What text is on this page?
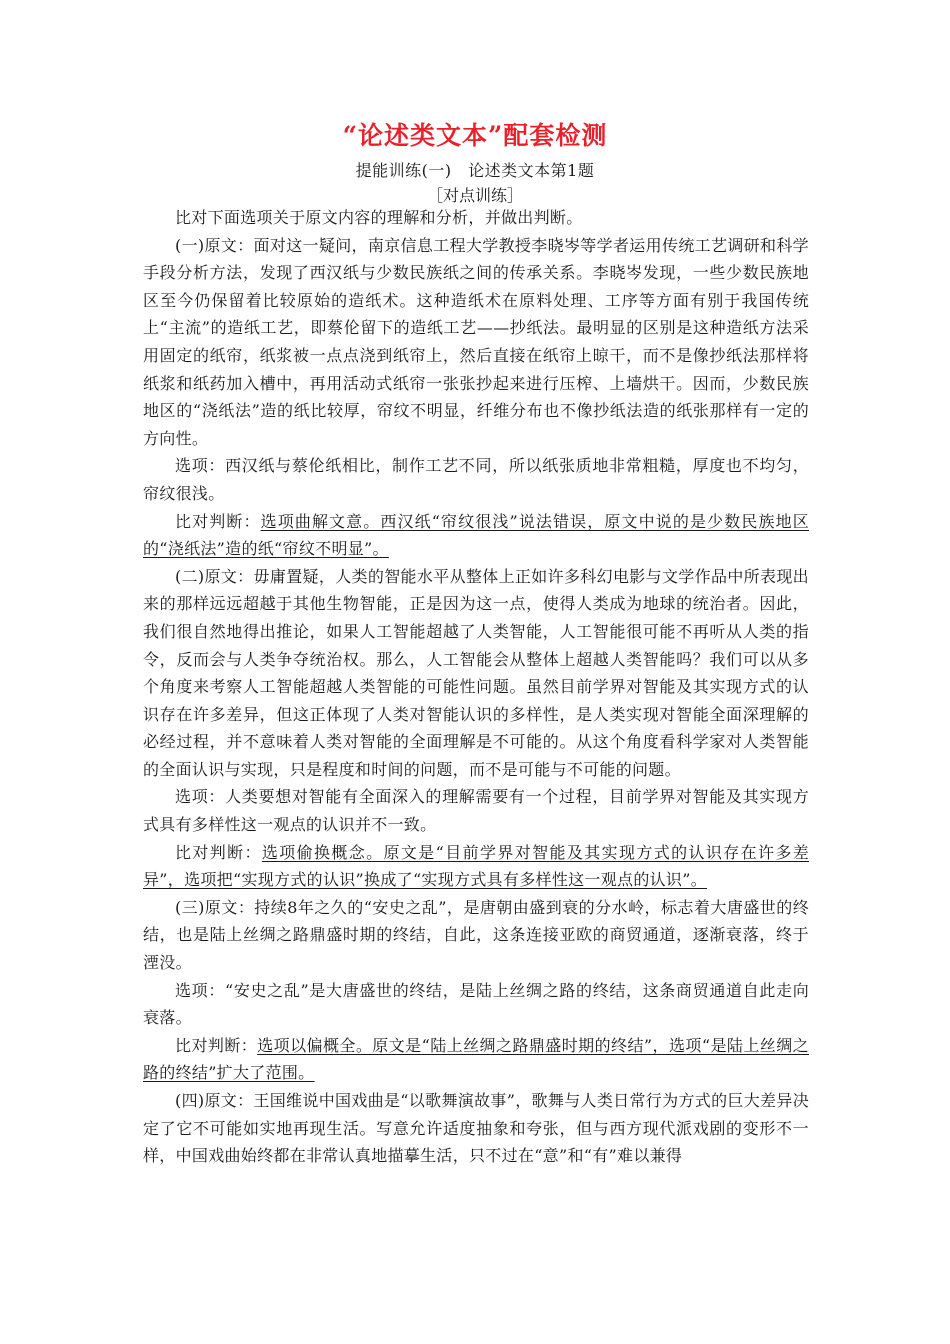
“论述类文本”配套检测
提能训练(一)　论述类文本第1题
［对点训练］

比对下面选项关于原文内容的理解和分析，并做出判断。

(一)原文：面对这一疑问，南京信息工程大学教授李晓岑等学者运用传统工艺调研和科学手段分析方法，发现了西汉纸与少数民族纸之间的传承关系。李晓岑发现，一些少数民族地区至今仍保留着比较原始的造纸术。这种造纸术在原料处理、工序等方面有别于我国传统上“主流”的造纸工艺，即蔡伦留下的造纸工艺——抄纸法。最明显的区别是这种造纸方法采用固定的纸帘，纸浆被一点点浇到纸帘上，然后直接在纸帘上晾干，而不是像抄纸法那样将纸浆和纸药加入槽中，再用活动式纸帘一张张抄起来进行压榨、上墙烘干。因而，少数民族地区的“浇纸法”造的纸比较厚，帘纹不明显，纤维分布也不像抄纸法造的纸张那样有一定的方向性。

选项：西汉纸与蔡伦纸相比，制作工艺不同，所以纸张质地非常粗糙，厚度也不均匀，帘纹很浅。

比对判断：选项曲解文意。西汉纸“帘纹很浅”说法错误，原文中说的是少数民族地区的“浇纸法”造的纸“帘纹不明显”。

(二)原文：毋庸置疑，人类的智能水平从整体上正如许多科幻电影与文学作品中所表现出来的那样远远超越于其他生物智能，正是因为这一点，使得人类成为地球的统治者。因此，我们很自然地得出推论，如果人工智能超越了人类智能，人工智能很可能不再听从人类的指令，反而会与人类争夺统治权。那么，人工智能会从整体上超越人类智能吗？我们可以从多个角度来考察人工智能超越人类智能的可能性问题。虽然目前学界对智能及其实现方式的认识存在许多差异，但这正体现了人类对智能认识的多样性，是人类实现对智能全面深理解的必经过程，并不意味着人类对智能的全面理解是不可能的。从这个角度看科学家对人类智能的全面认识与实现，只是程度和时间的问题，而不是可能与不可能的问题。

选项：人类要想对智能有全面深入的理解需要有一个过程，目前学界对智能及其实现方式具有多样性这一观点的认识并不一致。

比对判断：选项偷换概念。原文是“目前学界对智能及其实现方式的认识存在许多差异”，选项把“实现方式的认识”换成了“实现方式具有多样性这一观点的认识”。

(三)原文：持续8年之久的“安史之乱”，是唐朝由盛到衰的分水岭，标志着大唐盛世的终结，也是陆上丝绸之路鼎盛时期的终结，自此，这条连接亚欧的商贸通道，逐渐衰落，终于湮没。

选项：“安史之乱”是大唐盛世的终结，是陆上丝绸之路的终结，这条商贸通道自此走向衰落。

比对判断：选项以偏概全。原文是“陆上丝绸之路鼎盛时期的终结”，选项“是陆上丝绸之路的终结”扩大了范围。

(四)原文：王国维说中国戏曲是“以歌舞演故事”，歌舞与人类日常行为方式的巨大差异决定了它不可能如实地再现生活。写意允许适度抽象和夸张，但与西方现代派戏剧的变形不一样，中国戏曲始终都在非常认真地描摹生活，只不过在“意”和“有”难以兼得
